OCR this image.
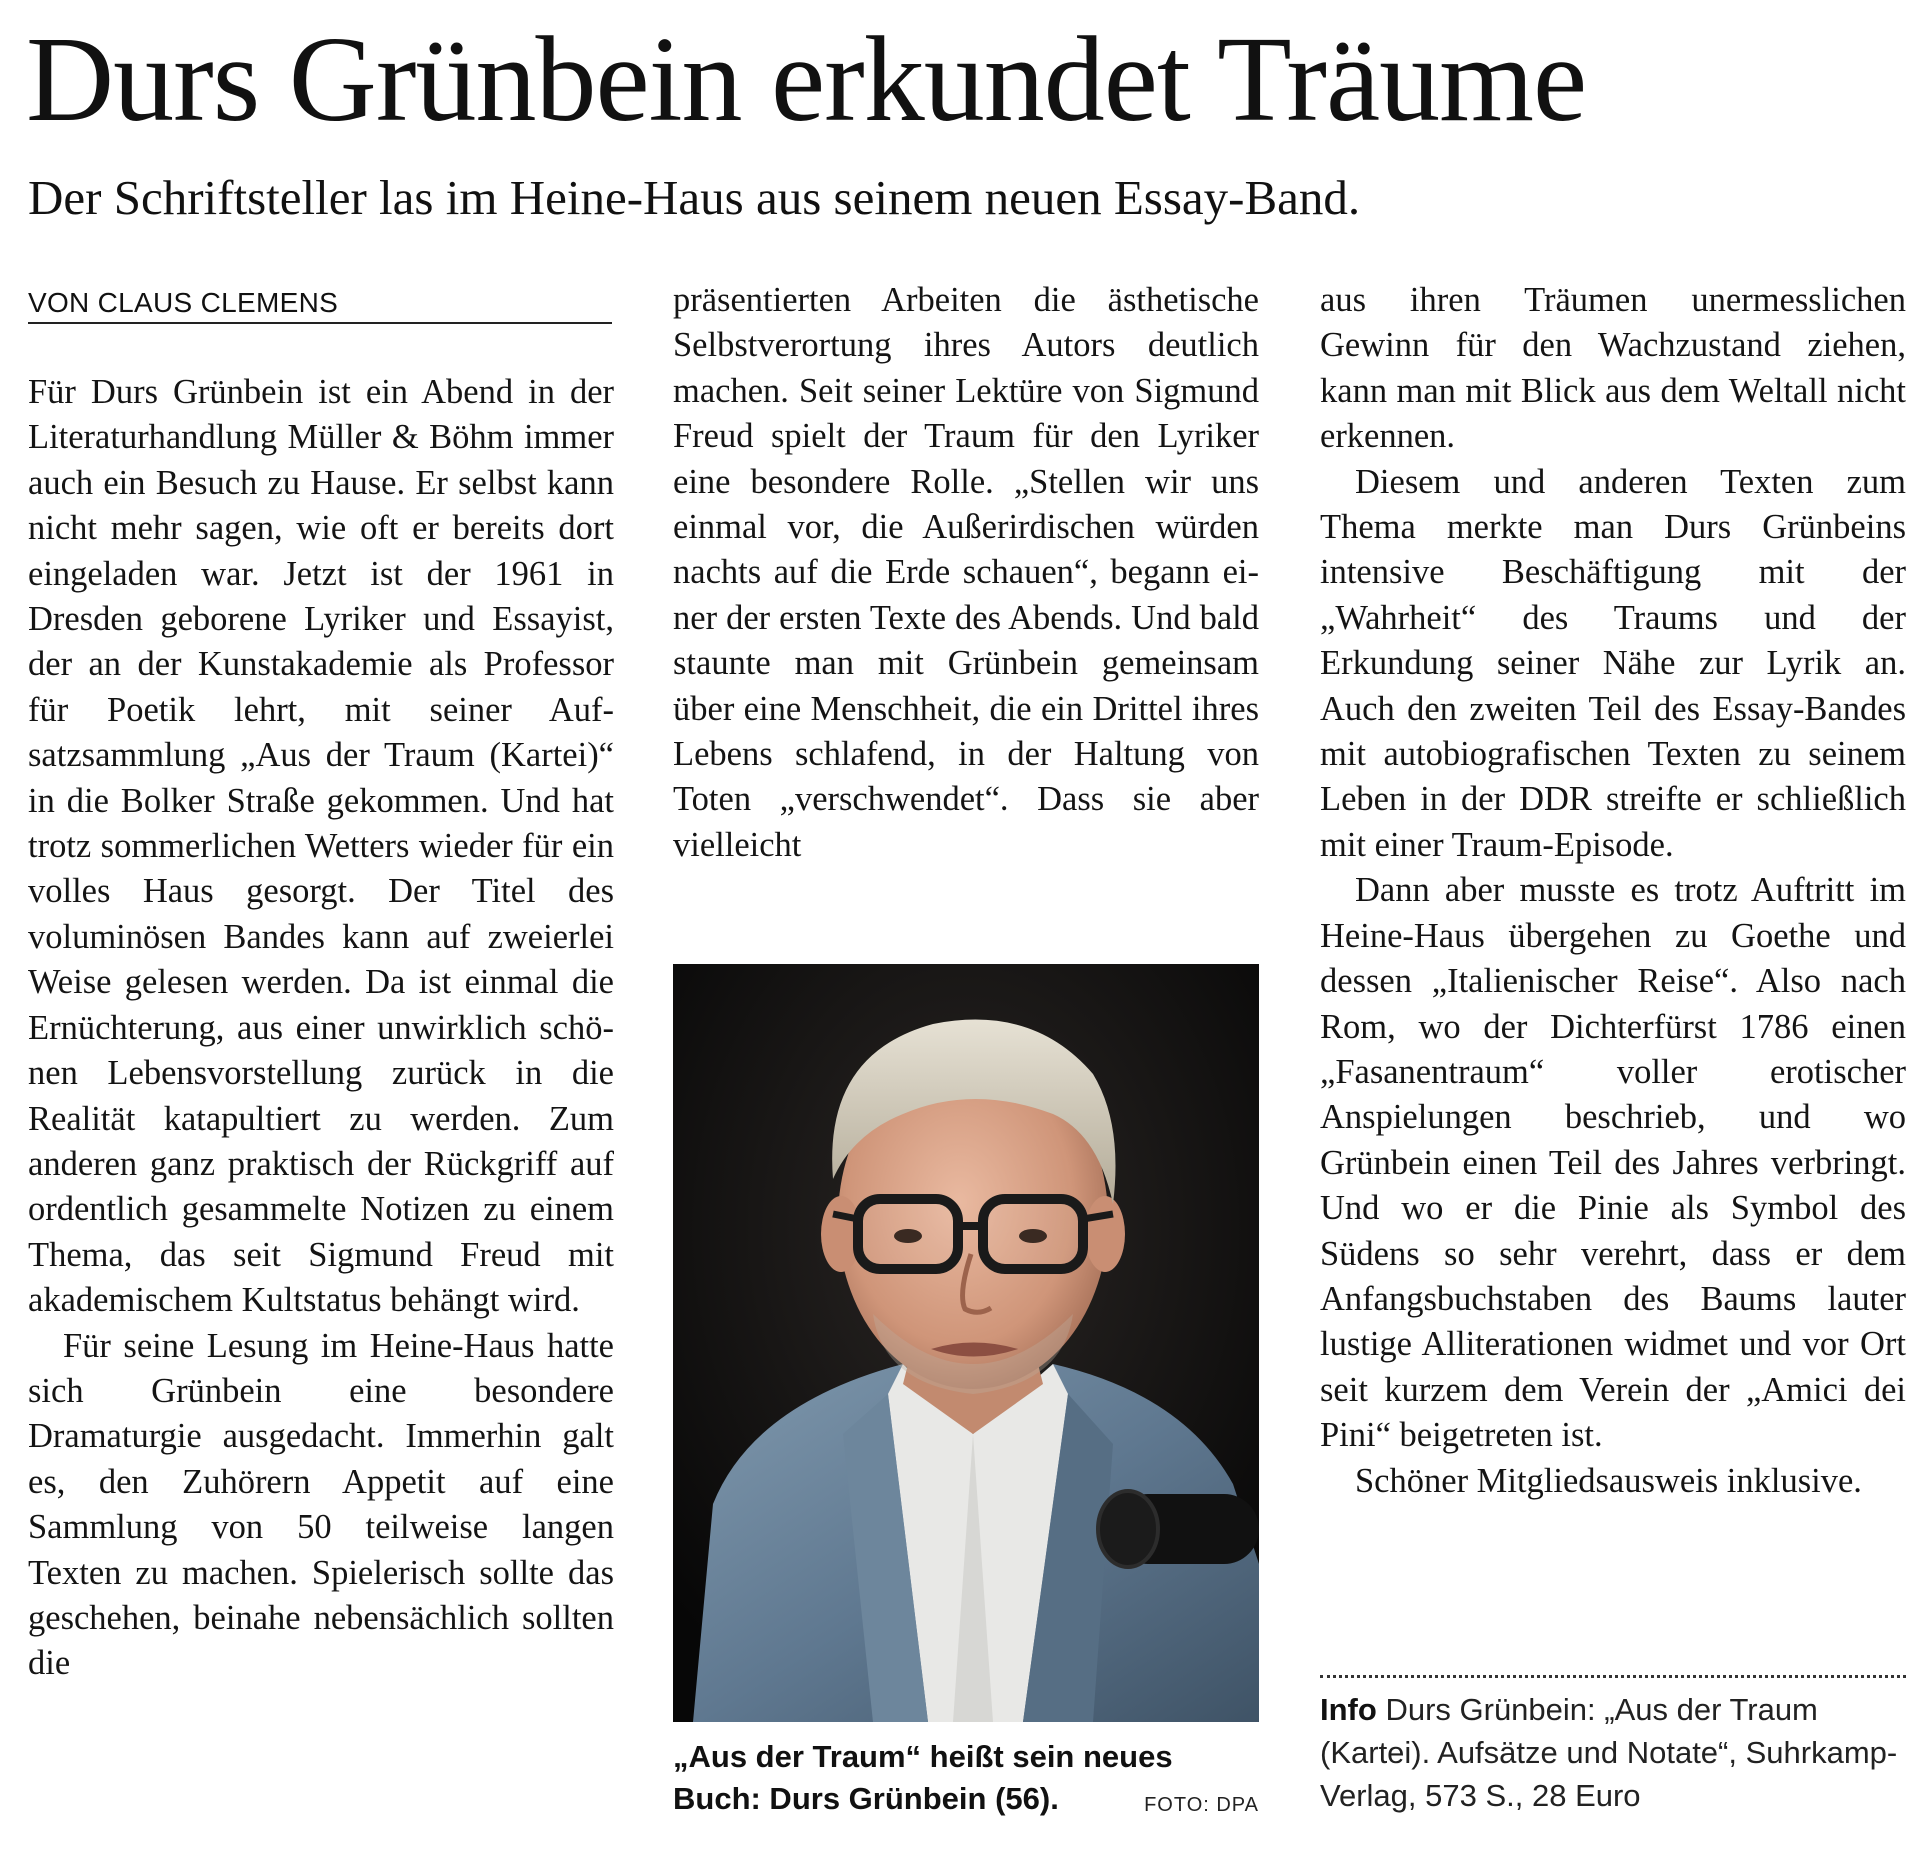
Durs Grünbein erkundet Träume
Der Schriftsteller las im Heine-Haus aus seinem neuen Essay-Band.
VON CLAUS CLEMENS

Für Durs Grünbein ist ein Abend in der Literaturhandlung Müller & Böhm immer auch ein Besuch zu Hause. Er selbst kann nicht mehr sagen, wie oft er bereits dort eingeladen war. Jetzt ist der 1961 in Dresden geborene Lyriker und Essayist, der an der Kunstakademie als Professor für Poetik lehrt, mit seiner Aufsatzsammlung „Aus der Traum (Kartei)“ in die Bolker Straße gekommen. Und hat trotz sommerlichen Wetters wieder für ein volles Haus gesorgt. Der Titel des voluminösen Bandes kann auf zweierlei Weise gelesen werden. Da ist einmal die Ernüchterung, aus einer unwirklich schönen Lebensvorstellung zurück in die Realität katapultiert zu werden. Zum anderen ganz praktisch der Rückgriff auf ordentlich gesammelte Notizen zu einem Thema, das seit Sigmund Freud mit akademischem Kultstatus behängt wird.

Für seine Lesung im Heine-Haus hatte sich Grünbein eine besondere Dramaturgie ausgedacht. Immerhin galt es, den Zuhörern Appetit auf eine Sammlung von 50 teilweise langen Texten zu machen. Spielerisch sollte das geschehen, beinahe nebensächlich sollten die

präsentierten Arbeiten die ästhetische Selbstverortung ihres Autors deutlich machen. Seit seiner Lektüre von Sigmund Freud spielt der Traum für den Lyriker eine besondere Rolle. „Stellen wir uns einmal vor, die Außerirdischen würden nachts auf die Erde schauen“, begann einer der ersten Texte des Abends. Und bald staunte man mit Grünbein gemeinsam über eine Menschheit, die ein Drittel ihres Lebens schlafend, in der Haltung von Toten „verschwendet“. Dass sie aber vielleicht

„Aus der Traum“ heißt sein neues Buch: Durs Grünbein (56).	FOTO: DPA

aus ihren Träumen unermesslichen Gewinn für den Wachzustand ziehen, kann man mit Blick aus dem Weltall nicht erkennen.

Diesem und anderen Texten zum Thema merkte man Durs Grünbeins intensive Beschäftigung mit der „Wahrheit“ des Traums und der Erkundung seiner Nähe zur Lyrik an. Auch den zweiten Teil des Essay-Bandes mit autobiografischen Texten zu seinem Leben in der DDR streifte er schließlich mit einer Traum-Episode.

Dann aber musste es trotz Auftritt im Heine-Haus übergehen zu Goethe und dessen „Italienischer Reise“. Also nach Rom, wo der Dichterfürst 1786 einen „Fasanentraum“ voller erotischer Anspielungen beschrieb, und wo Grünbein einen Teil des Jahres verbringt. Und wo er die Pinie als Symbol des Südens so sehr verehrt, dass er dem Anfangsbuchstaben des Baums lauter lustige Alliterationen widmet und vor Ort seit kurzem dem Verein der „Amici dei Pini“ beigetreten ist.

Schöner Mitgliedsausweis inklusive.

Info Durs Grünbein: „Aus der Traum (Kartei). Aufsätze und Notate“, Suhrkamp-Verlag, 573 S., 28 Euro
